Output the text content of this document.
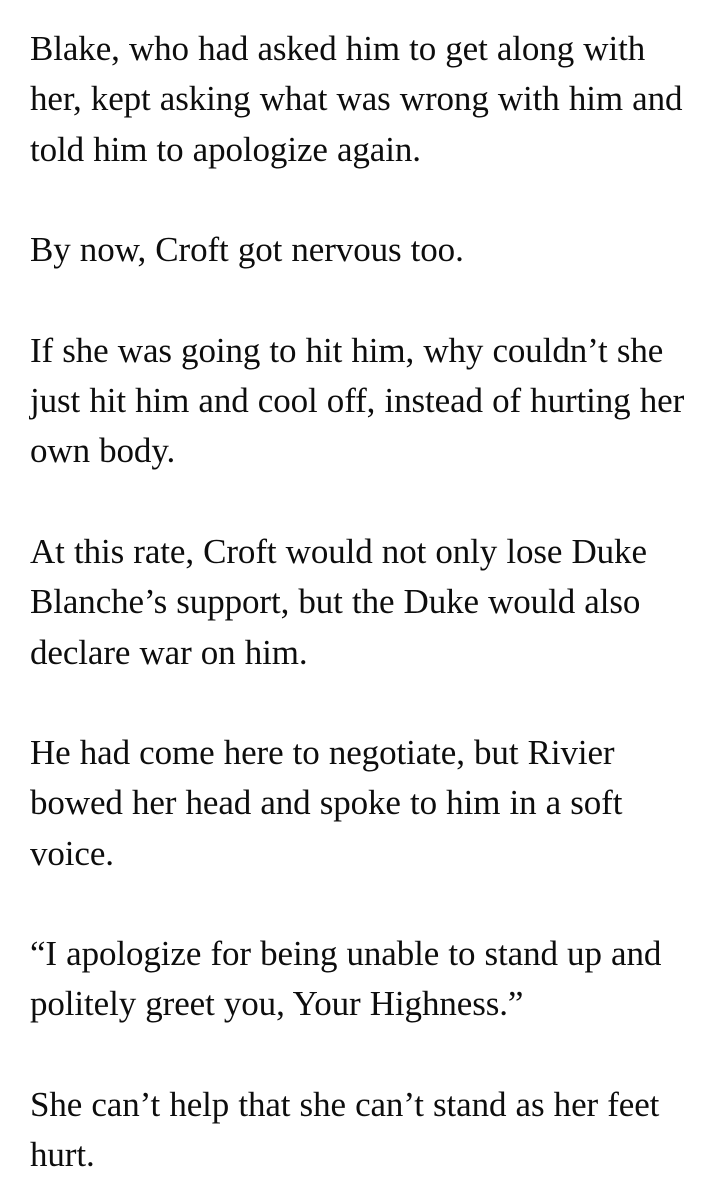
Blake, who had asked him to get along with her, kept asking what was wrong with him and told him to apologize again.

By now, Croft got nervous too.

If she was going to hit him, why couldn’t she just hit him and cool off, instead of hurting her own body.

At this rate, Croft would not only lose Duke Blanche’s support, but the Duke would also declare war on him.

He had come here to negotiate, but Rivier bowed her head and spoke to him in a soft voice.

“I apologize for being unable to stand up and politely greet you, Your Highness.”

She can’t help that she can’t stand as her feet hurt.
